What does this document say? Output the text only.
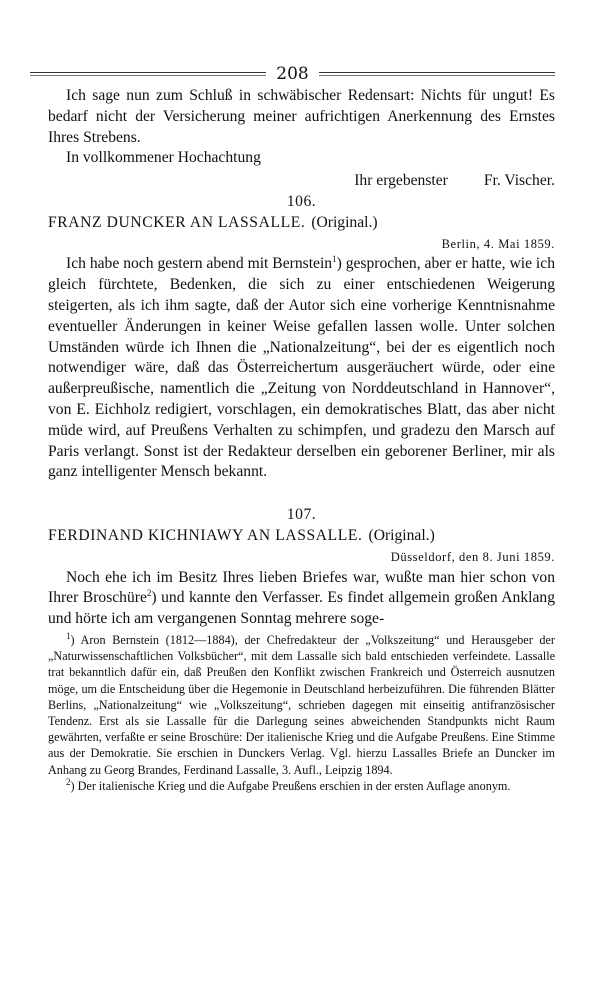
208

Ich sage nun zum Schluß in schwäbischer Redensart: Nichts für ungut! Es bedarf nicht der Versicherung meiner aufrichtigen Anerkennung des Ernstes Ihres Strebens.

In vollkommener Hochachtung

Ihr ergebenster Fr. Vischer.

106.

FRANZ DUNCKER AN LASSALLE. (Original.)

Berlin, 4. Mai 1859.

Ich habe noch gestern abend mit Bernstein$^1$) gesprochen, aber er hatte, wie ich gleich fürchtete, Bedenken, die sich zu einer entschiedenen Weigerung steigerten, als ich ihm sagte, daß der Autor sich eine vorherige Kenntnisnahme eventueller Änderungen in keiner Weise gefallen lassen wolle. Unter solchen Umständen würde ich Ihnen die „Nationalzeitung“, bei der es eigentlich noch notwendiger wäre, daß das Österreichertum ausgeräuchert würde, oder eine außerpreußische, namentlich die „Zeitung von Norddeutschland in Hannover“, von E. Eichholz redigiert, vorschlagen, ein demokratisches Blatt, das aber nicht müde wird, auf Preußens Verhalten zu schimpfen, und gradezu den Marsch auf Paris verlangt. Sonst ist der Redakteur derselben ein geborener Berliner, mir als ganz intelligenter Mensch bekannt.

107.

FERDINAND KICHNIAWY AN LASSALLE. (Original.)

Düsseldorf, den 8. Juni 1859.

Noch ehe ich im Besitz Ihres lieben Briefes war, wußte man hier schon von Ihrer Broschüre$^2$) und kannte den Verfasser. Es findet allgemein großen Anklang und hörte ich am vergangenen Sonntag mehrere soge-

$^1$) Aron Bernstein (1812—1884), der Chefredakteur der „Volkszeitung“ und Herausgeber der „Naturwissenschaftlichen Volksbücher“, mit dem Lassalle sich bald entschieden verfeindete. Lassalle trat bekanntlich dafür ein, daß Preußen den Konflikt zwischen Frankreich und Österreich ausnutzen möge, um die Entscheidung über die Hegemonie in Deutschland herbeizuführen. Die führenden Blätter Berlins, „Nationalzeitung“ wie „Volkszeitung“, schrieben dagegen mit einseitig antifranzösischer Tendenz. Erst als sie Lassalle für die Darlegung seines abweichenden Standpunkts nicht Raum gewährten, verfaßte er seine Broschüre: Der italienische Krieg und die Aufgabe Preußens. Eine Stimme aus der Demokratie. Sie erschien in Dunckers Verlag. Vgl. hierzu Lassalles Briefe an Duncker im Anhang zu Georg Brandes, Ferdinand Lassalle, 3. Aufl., Leipzig 1894.

$^2$) Der italienische Krieg und die Aufgabe Preußens erschien in der ersten Auflage anonym.
